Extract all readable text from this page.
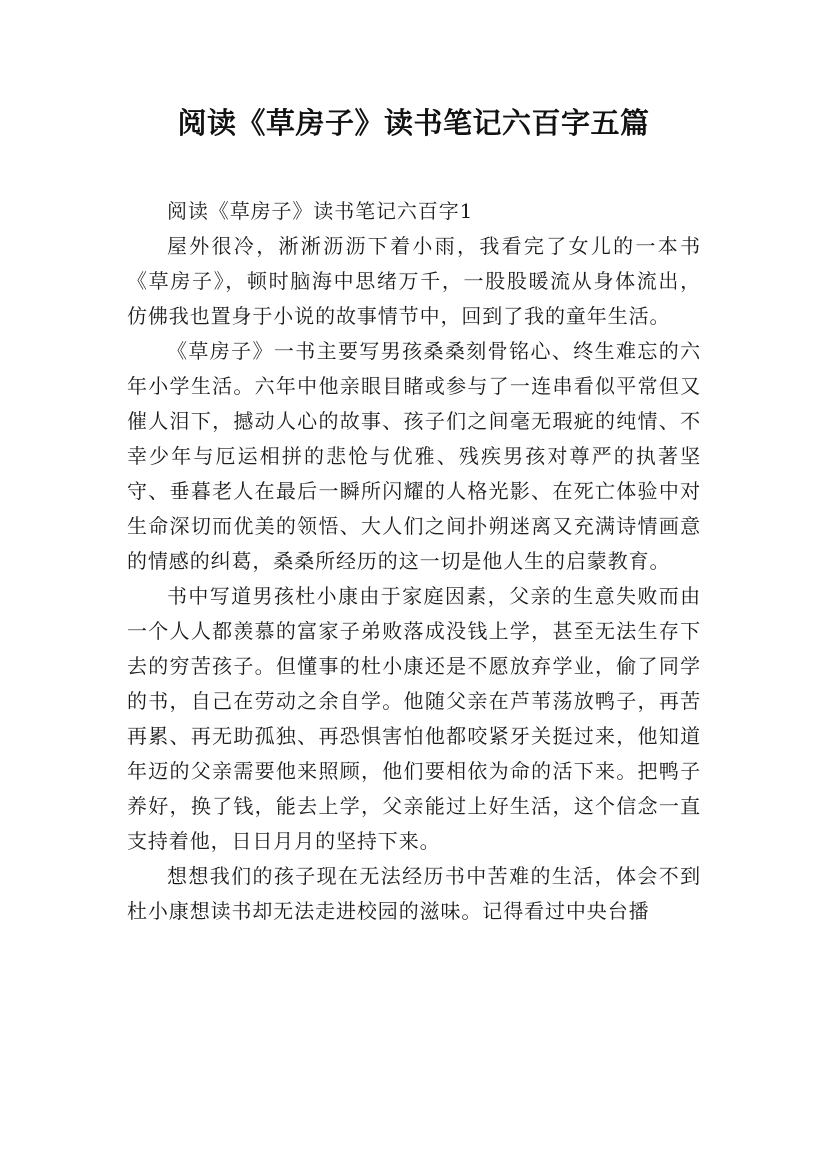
阅读《草房子》读书笔记六百字五篇

阅读《草房子》读书笔记六百字1

屋外很冷，淅淅沥沥下着小雨，我看完了女儿的一本书《草房子》，顿时脑海中思绪万千，一股股暖流从身体流出，仿佛我也置身于小说的故事情节中，回到了我的童年生活。

《草房子》一书主要写男孩桑桑刻骨铭心、终生难忘的六年小学生活。六年中他亲眼目睹或参与了一连串看似平常但又催人泪下，撼动人心的故事、孩子们之间毫无瑕疵的纯情、不幸少年与厄运相拼的悲怆与优雅、残疾男孩对尊严的执著坚守、垂暮老人在最后一瞬所闪耀的人格光影、在死亡体验中对生命深切而优美的领悟、大人们之间扑朔迷离又充满诗情画意的情感的纠葛，桑桑所经历的这一切是他人生的启蒙教育。

书中写道男孩杜小康由于家庭因素，父亲的生意失败而由一个人人都羡慕的富家子弟败落成没钱上学，甚至无法生存下去的穷苦孩子。但懂事的杜小康还是不愿放弃学业，偷了同学的书，自己在劳动之余自学。他随父亲在芦苇荡放鸭子，再苦再累、再无助孤独、再恐惧害怕他都咬紧牙关挺过来，他知道年迈的父亲需要他来照顾，他们要相依为命的活下来。把鸭子养好，换了钱，能去上学，父亲能过上好生活，这个信念一直支持着他，日日月月的坚持下来。

想想我们的孩子现在无法经历书中苦难的生活，体会不到杜小康想读书却无法走进校园的滋味。记得看过中央台播
